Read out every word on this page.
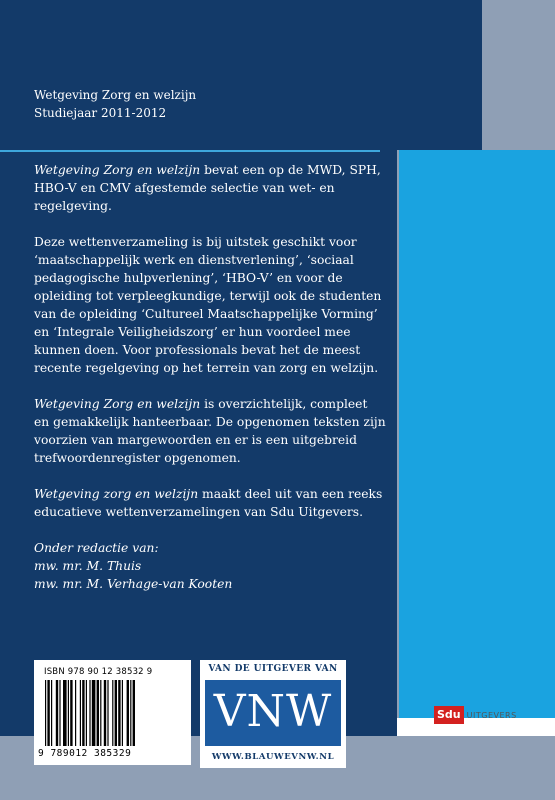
Wetgeving Zorg en welzijn
Studiejaar 2011-2012

Wetgeving Zorg en welzijn bevat een op de MWD, SPH, HBO-V en CMV afgestemde selectie van wet- en regelgeving.

Deze wettenverzameling is bij uitstek geschikt voor ‘maatschappelijk werk en dienstverlening’, ‘sociaal pedagogische hulpverlening’, ‘HBO-V’ en voor de opleiding tot verpleegkundige, terwijl ook de studenten van de opleiding ‘Cultureel Maatschappelijke Vorming’ en ‘Integrale Veiligheidszorg’ er hun voordeel mee kunnen doen. Voor professionals bevat het de meest recente regelgeving op het terrein van zorg en welzijn.

Wetgeving Zorg en welzijn is overzichtelijk, compleet en gemakkelijk hanteerbaar. De opgenomen teksten zijn voorzien van margewoorden en er is een uitgebreid trefwoordenregister opgenomen.

Wetgeving zorg en welzijn maakt deel uit van een reeks educatieve wettenverzamelingen van Sdu Uitgevers.

Onder redactie van:
mw. mr. M. Thuis
mw. mr. M. Verhage-van Kooten
ISBN 978 90 12 38532 9
9 789012 385329
VAN DE UITGEVER VAN
VNW
WWW.BLAUWEVNW.NL
Sdu UITGEVERS
